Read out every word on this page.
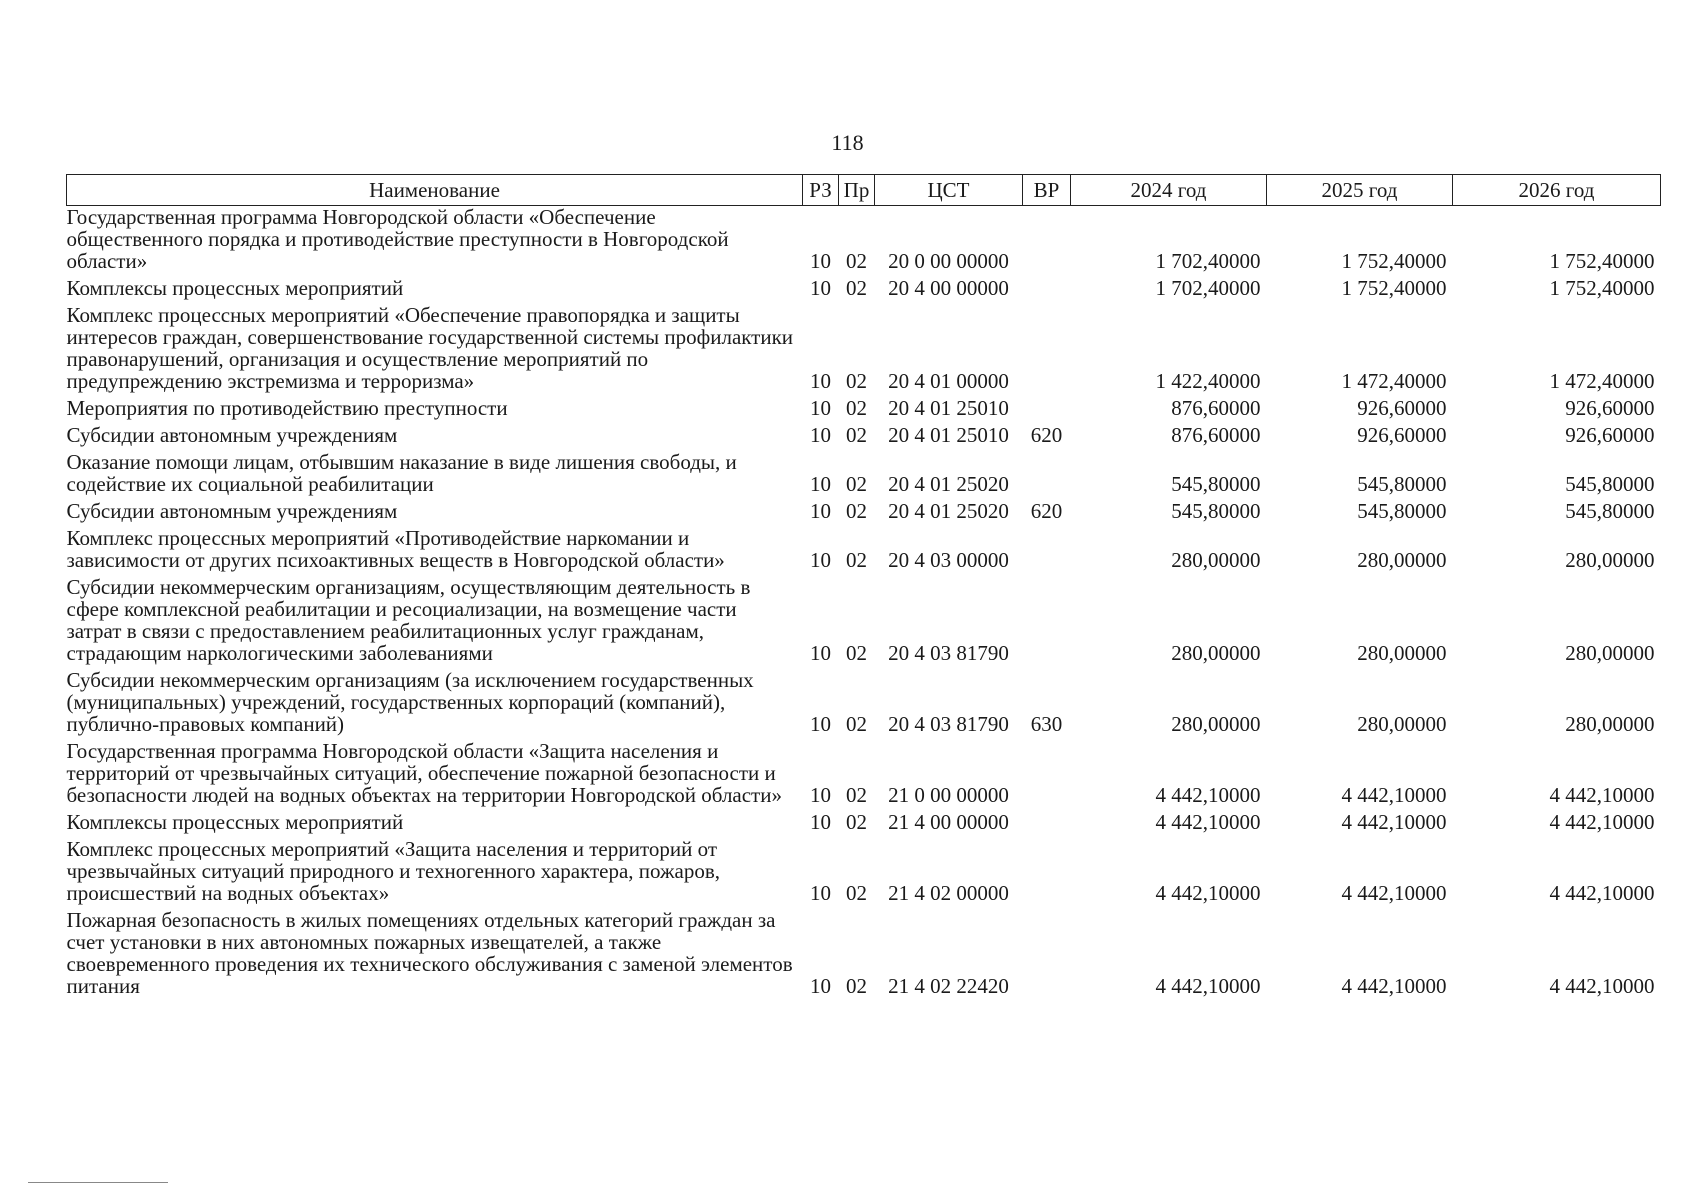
118
Наименование	РЗ	Пр	ЦСТ	ВР	2024 год	2025 год	2026 год
Государственная программа Новгородской области «Обеспечение общественного порядка и противодействие преступности в Новгородской области»	10	02	20 0 00 00000		1 702,40000	1 752,40000	1 752,40000
Комплексы процессных мероприятий	10	02	20 4 00 00000		1 702,40000	1 752,40000	1 752,40000
Комплекс процессных мероприятий «Обеспечение правопорядка и защиты интересов граждан, совершенствование государственной системы профилактики правонарушений, организация и осуществление мероприятий по предупреждению экстремизма и терроризма»	10	02	20 4 01 00000		1 422,40000	1 472,40000	1 472,40000
Мероприятия по противодействию преступности	10	02	20 4 01 25010		876,60000	926,60000	926,60000
Субсидии автономным учреждениям	10	02	20 4 01 25010	620	876,60000	926,60000	926,60000
Оказание помощи лицам, отбывшим наказание в виде лишения свободы, и содействие их социальной реабилитации	10	02	20 4 01 25020		545,80000	545,80000	545,80000
Субсидии автономным учреждениям	10	02	20 4 01 25020	620	545,80000	545,80000	545,80000
Комплекс процессных мероприятий «Противодействие наркомании и зависимости от других психоактивных веществ в Новгородской области»	10	02	20 4 03 00000		280,00000	280,00000	280,00000
Субсидии некоммерческим организациям, осуществляющим деятельность в сфере комплексной реабилитации и ресоциализации, на возмещение части затрат в связи с предоставлением реабилитационных услуг гражданам, страдающим наркологическими заболеваниями	10	02	20 4 03 81790		280,00000	280,00000	280,00000
Субсидии некоммерческим организациям (за исключением государственных (муниципальных) учреждений, государственных корпораций (компаний), публично-правовых компаний)	10	02	20 4 03 81790	630	280,00000	280,00000	280,00000
Государственная программа Новгородской области «Защита населения и территорий от чрезвычайных ситуаций, обеспечение пожарной безопасности и безопасности людей на водных объектах на территории Новгородской области»	10	02	21 0 00 00000		4 442,10000	4 442,10000	4 442,10000
Комплексы процессных мероприятий	10	02	21 4 00 00000		4 442,10000	4 442,10000	4 442,10000
Комплекс процессных мероприятий «Защита населения и территорий от чрезвычайных ситуаций природного и техногенного характера, пожаров, происшествий на водных объектах»	10	02	21 4 02 00000		4 442,10000	4 442,10000	4 442,10000
Пожарная безопасность в жилых помещениях отдельных категорий граждан за счет установки в них автономных пожарных извещателей, а также своевременного проведения их технического обслуживания с заменой элементов питания	10	02	21 4 02 22420		4 442,10000	4 442,10000	4 442,10000
